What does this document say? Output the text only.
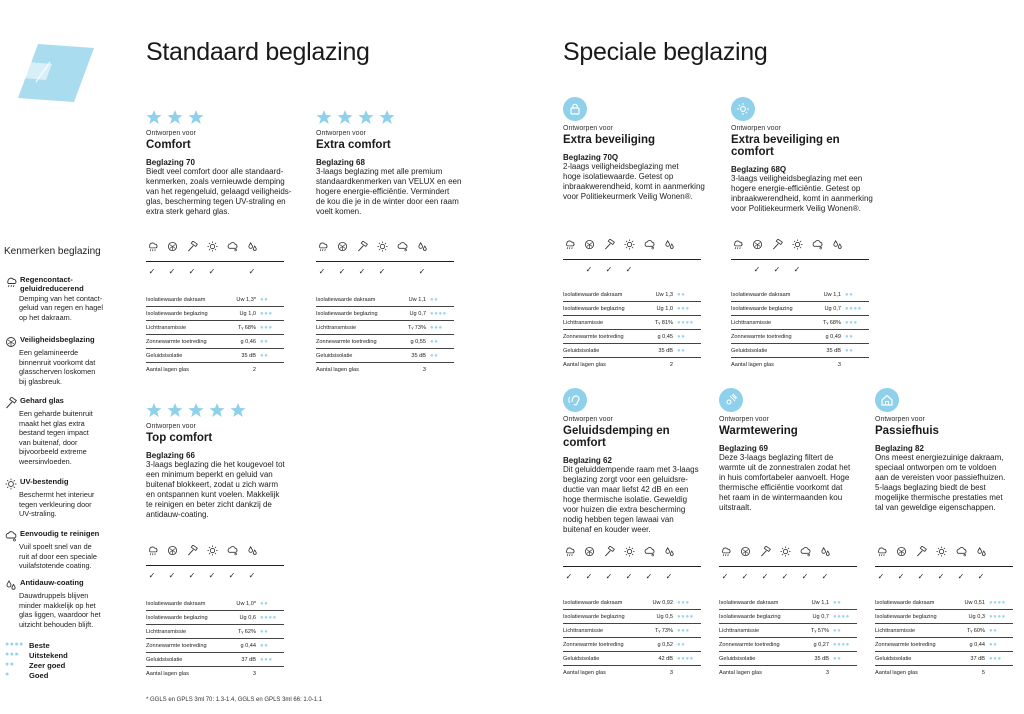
Standaard beglazing	Speciale beglazing
Kenmerken beglazing
Regencontact-
geluidreducerend
Demping van het contact-
geluid van regen en hagel
op het dakraam.
Veiligheidsbeglazing
Een gelamineerde
binnenruit voorkomt dat
glasscherven loskomen
bij glasbreuk.
Gehard glas
Een geharde buitenruit
maakt het glas extra
bestand tegen impact
van buitenaf, door
bijvoorbeeld extreme
weersinvloeden.
UV-bestendig
Beschermt het interieur
tegen verkleuring door
UV-straling.
Eenvoudig te reinigen
Vuil spoelt snel van de
ruit af door een speciale
vuilafstotende coating.
Antidauw-coating
Dauwdruppels blijven
minder makkelijk op het
glas liggen, waardoor het
uitzicht behouden blijft.
●●●● Beste
●●●	Uitstekend
●●	Zeer goed
●	Goed
Ontworpen voor
Comfort
Beglazing 70
Biedt veel comfort door alle standaard-
kenmerken, zoals vernieuwde demping
van het regengeluid, gelaagd veiligheids-
glas, bescherming tegen UV-straling en
extra sterk gehard glas.
✓	✓	✓	✓	✓
Isolatiewaarde dakraam	Uw 1,3* ●●
Isolatiewaarde beglazing	Ug 1,0 ●●●
Lichttransmissie	Tᵥ 68% ●●●
Zonnewarmte toetreding	g 0,46 ●●
Geluidsisolatie	35 dB ●●
Aantal lagen glas	2
Ontworpen voor
Extra comfort
Beglazing 68
3-laags beglazing met alle premium
standaardkenmerken van VELUX en een
hogere energie-efficiëntie. Vermindert
de kou die je in de winter door een raam
voelt komen.
✓	✓	✓	✓	✓
Isolatiewaarde dakraam	Uw 1,1 ●●
Isolatiewaarde beglazing	Ug 0,7 ●●●●
Lichttransmissie	Tᵥ 73% ●●●
Zonnewarmte toetreding	g 0,55 ●●
Geluidsisolatie	35 dB ●●
Aantal lagen glas	3
Ontworpen voor
Top comfort
Beglazing 66
3-laags beglazing die het kougevoel tot
een minimum beperkt en geluid van
buitenaf blokkeert, zodat u zich warm
en ontspannen kunt voelen. Makkelijk
te reinigen en beter zicht dankzij de
antidauw-coating.
✓	✓	✓	✓	✓	✓
Isolatiewaarde dakraam	Uw 1,0* ●●
Isolatiewaarde beglazing	Ug 0,6 ●●●●
Lichttransmissie	Tᵥ 62% ●●
Zonnewarmte toetreding	g 0,44 ●●
Geluidsisolatie	37 dB ●●●
Aantal lagen glas	3
Ontworpen voor
Extra beveiliging
Beglazing 70Q
2-laags veiligheidsbeglazing met
hoge isolatiewaarde. Getest op
inbraakwerendheid, komt in aanmerking
voor Politiekeurmerk Veilig Wonen®.
✓	✓	✓
Isolatiewaarde dakraam	Uw 1,3 ●●
Isolatiewaarde beglazing	Ug 1,0 ●●●
Lichttransmissie	Tᵥ 81% ●●●●
Zonnewarmte toetreding	g 0,45 ●●
Geluidsisolatie	35 dB ●●
Aantal lagen glas	2
Ontworpen voor
Extra beveiliging en comfort
Beglazing 68Q
3-laags veiligheidsbeglazing met een
hogere energie-efficiëntie. Getest op
inbraakwerendheid, komt in aanmerking
voor Politiekeurmerk Veilig Wonen®.
✓	✓	✓
Isolatiewaarde dakraam	Uw 1,1 ●●
Isolatiewaarde beglazing	Ug 0,7 ●●●●
Lichttransmissie	Tᵥ 68% ●●●
Zonnewarmte toetreding	g 0,49 ●●
Geluidsisolatie	35 dB ●●
Aantal lagen glas	3
Ontworpen voor
Geluidsdemping en comfort
Beglazing 62
Dit geluiddempende raam met 3-laags
beglazing zorgt voor een geluidsre-
ductie van maar liefst 42 dB en een
hoge thermische isolatie. Geweldig
voor huizen die extra bescherming
nodig hebben tegen lawaai van
buitenaf en kouder weer.
✓	✓	✓	✓	✓	✓
Isolatiewaarde dakraam	Uw 0,92 ●●●
Isolatiewaarde beglazing	Ug 0,5 ●●●●
Lichttransmissie	Tᵥ 73% ●●●
Zonnewarmte toetreding	g 0,52 ●●
Geluidsisolatie	42 dB ●●●●
Aantal lagen glas	3
Ontworpen voor
Warmtewering
Beglazing 69
Deze 3-laags beglazing filtert de
warmte uit de zonnestralen zodat het
in huis comfortabeler aanvoelt. Hoge
thermische efficiëntie voorkomt dat
het raam in de wintermaanden kou
uitstraalt.
✓	✓	✓	✓	✓	✓
Isolatiewaarde dakraam	Uw 1,1 ●●
Isolatiewaarde beglazing	Ug 0,7 ●●●●
Lichttransmissie	Tᵥ 57% ●●
Zonnewarmte toetreding	g 0,27 ●●●●
Geluidsisolatie	35 dB ●●
Aantal lagen glas	3
Ontworpen voor
Passiefhuis
Beglazing 82
Ons meest energiezuinige dakraam,
speciaal ontworpen om te voldoen
aan de vereisten voor passiefhuizen.
5-laags beglazing biedt de best
mogelijke thermische prestaties met
tal van geweldige eigenschappen.
✓	✓	✓	✓	✓	✓
Isolatiewaarde dakraam	Uw 0,51 ●●●●
Isolatiewaarde beglazing	Ug 0,3 ●●●●
Lichttransmissie	Tᵥ 60% ●●
Zonnewarmte toetreding	g 0,44 ●●
Geluidsisolatie	37 dB ●●●
Aantal lagen glas	5
* GGLS en GPLS 3ml 70: 1.3-1.4, GGLS en GPLS 3ml 66: 1.0-1.1
